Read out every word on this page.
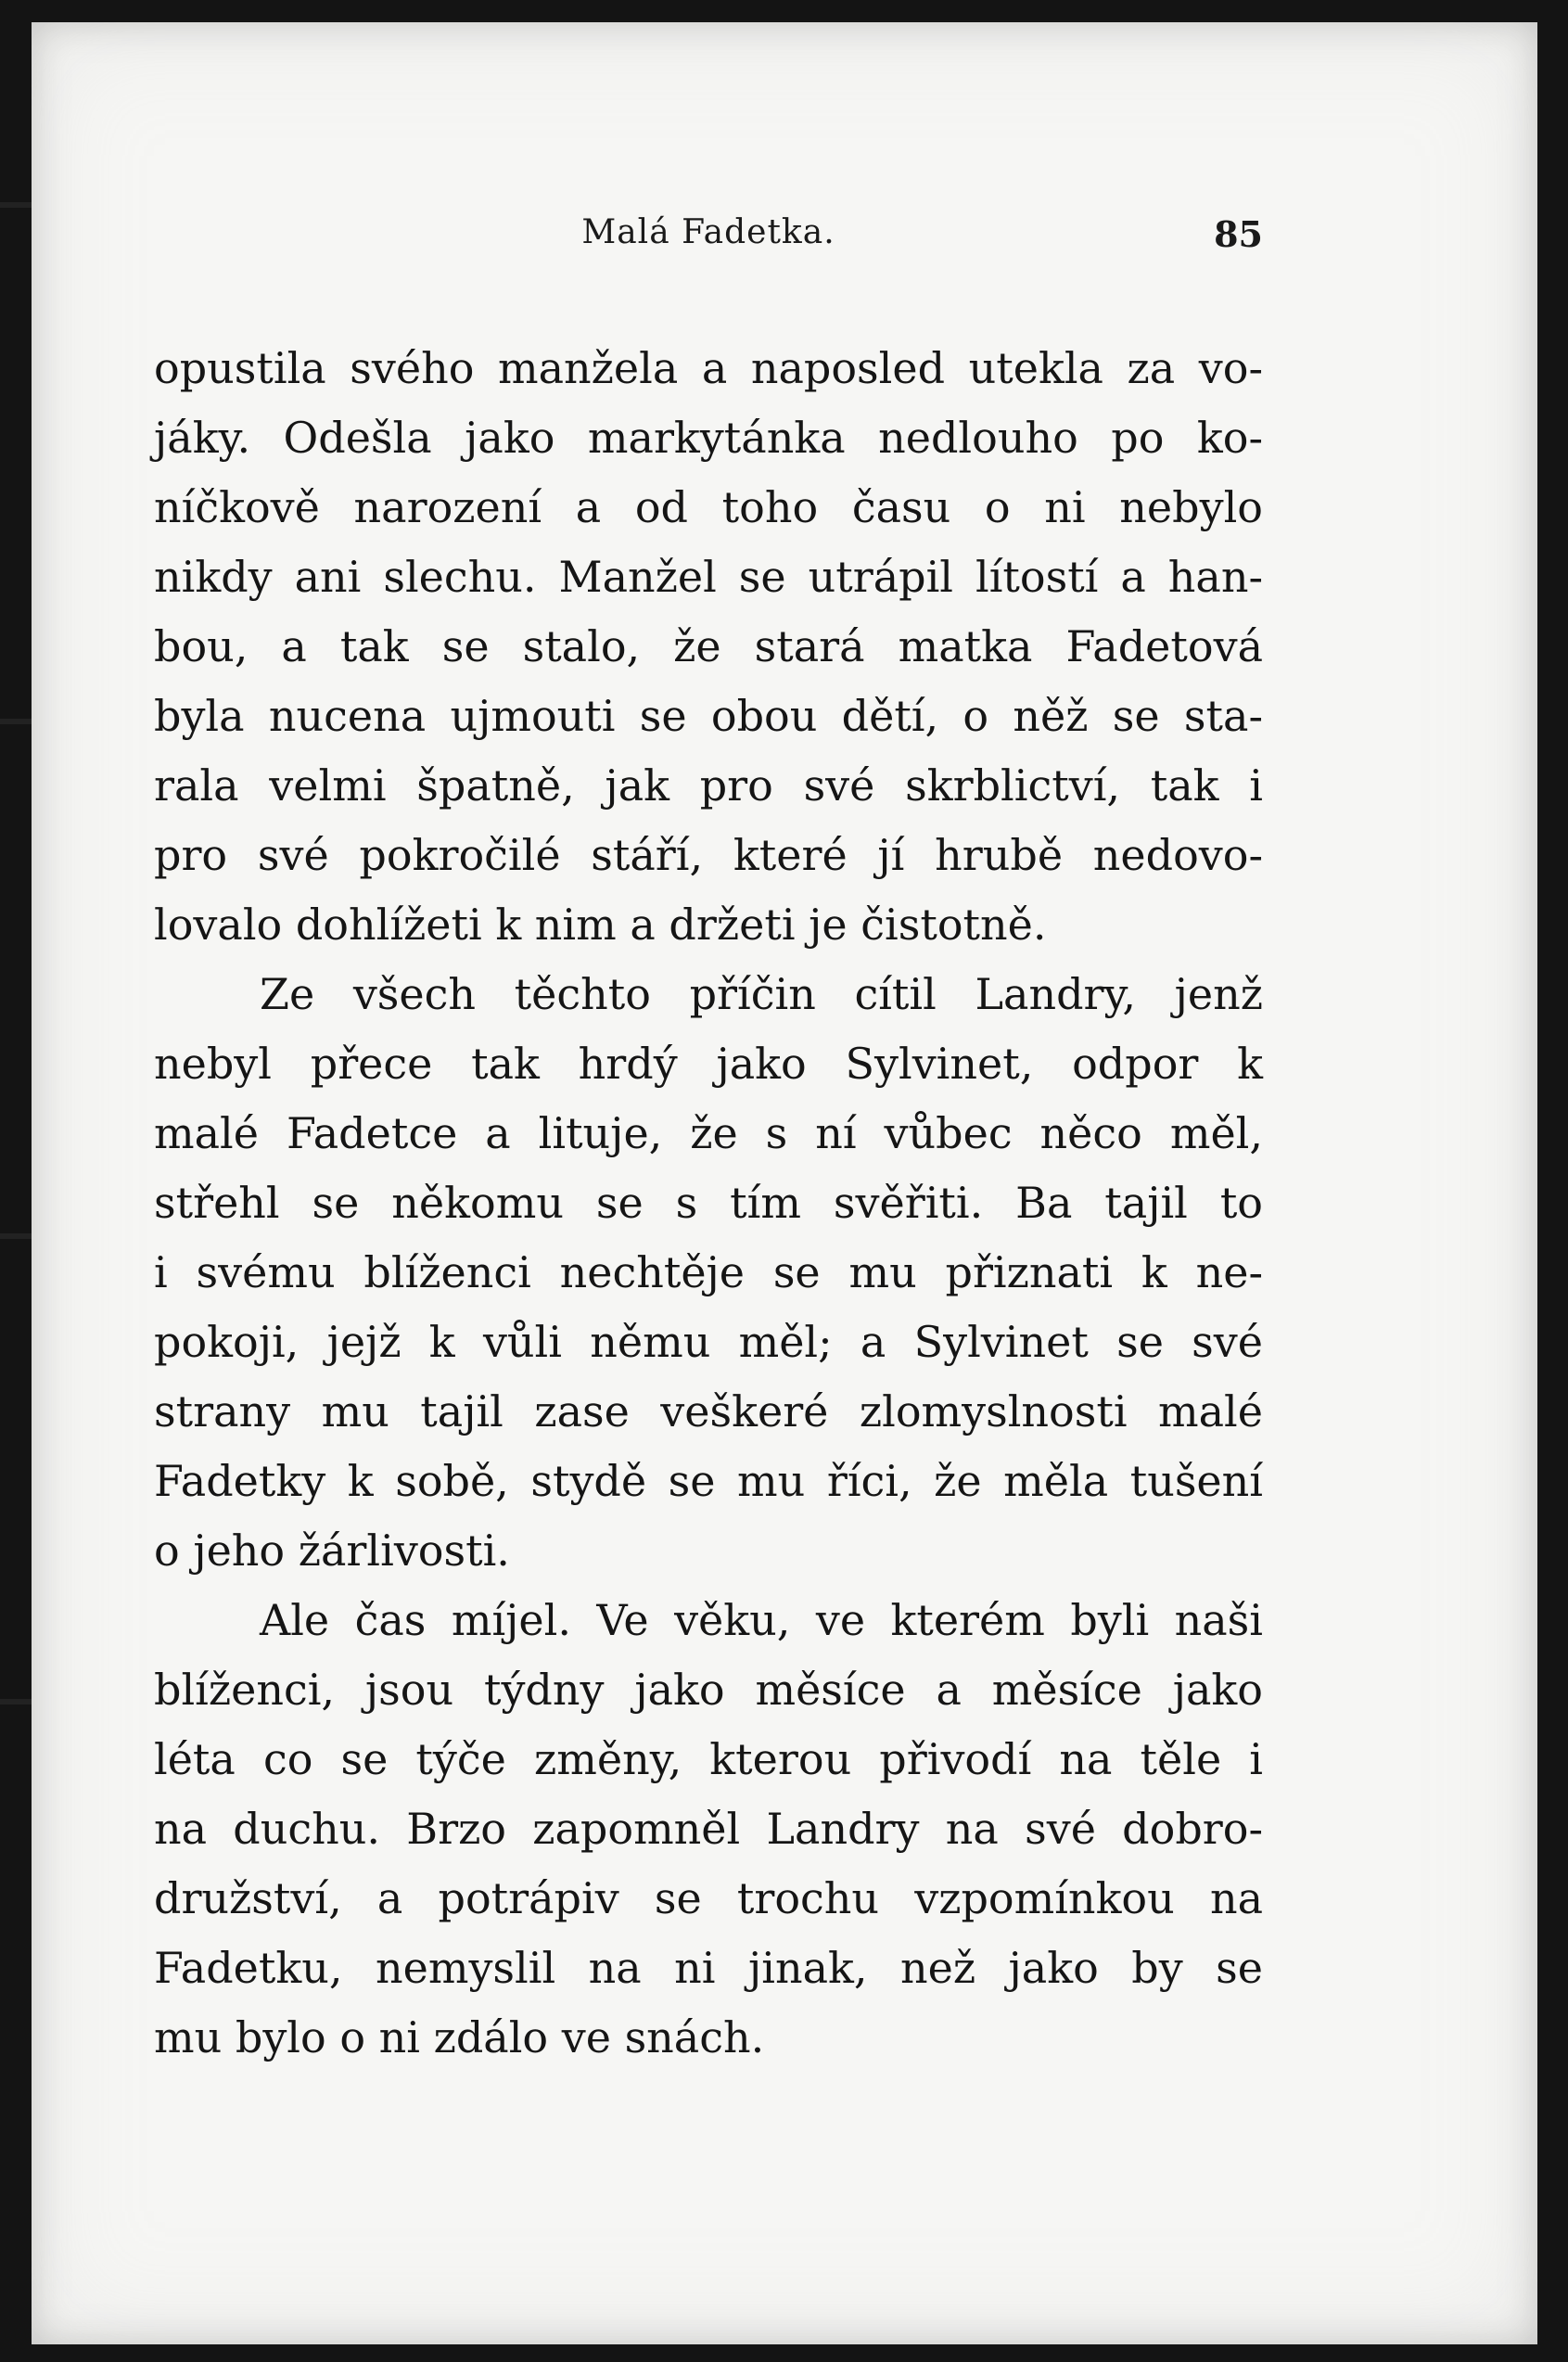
Malá Fadetka.	85
opustila svého manžela a naposled utekla za vo-
jáky. Odešla jako markytánka nedlouho po ko-
níčkově narození a od toho času o ni nebylo
nikdy ani slechu. Manžel se utrápil lítostí a han-
bou, a tak se stalo, že stará matka Fadetová
byla nucena ujmouti se obou dětí, o něž se sta-
rala velmi špatně, jak pro své skrblictví, tak i
pro své pokročilé stáří, které jí hrubě nedovo-
lovalo dohlížeti k nim a držeti je čistotně.
Ze všech těchto příčin cítil Landry, jenž
nebyl přece tak hrdý jako Sylvinet, odpor k
malé Fadetce a lituje, že s ní vůbec něco měl,
střehl se někomu se s tím svěřiti. Ba tajil to
i svému blíženci nechtěje se mu přiznati k ne-
pokoji, jejž k vůli němu měl; a Sylvinet se své
strany mu tajil zase veškeré zlomyslnosti malé
Fadetky k sobě, stydě se mu říci, že měla tušení
o jeho žárlivosti.
Ale čas míjel. Ve věku, ve kterém byli naši
blíženci, jsou týdny jako měsíce a měsíce jako
léta co se týče změny, kterou přivodí na těle i
na duchu. Brzo zapomněl Landry na své dobro-
družství, a potrápiv se trochu vzpomínkou na
Fadetku, nemyslil na ni jinak, než jako by se
mu bylo o ni zdálo ve snách.
